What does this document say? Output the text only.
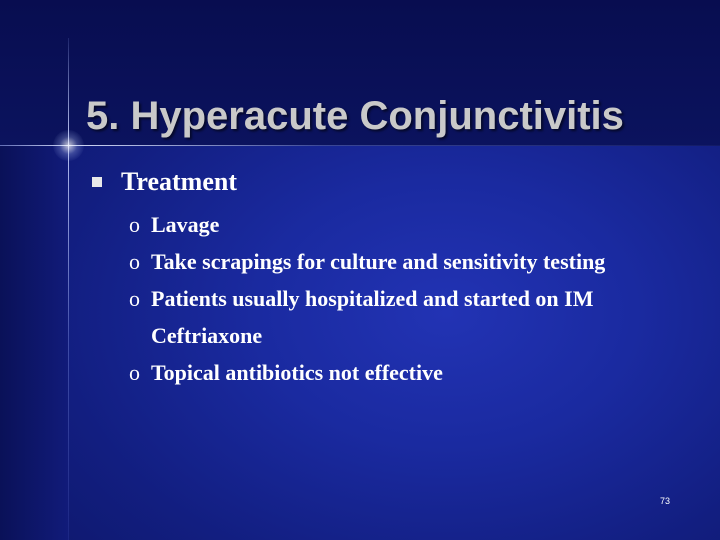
5. Hyperacute Conjunctivitis
Treatment
o Lavage
o Take scrapings for culture and sensitivity testing
o Patients usually hospitalized and started on IM Ceftriaxone
o Topical antibiotics not effective
73
